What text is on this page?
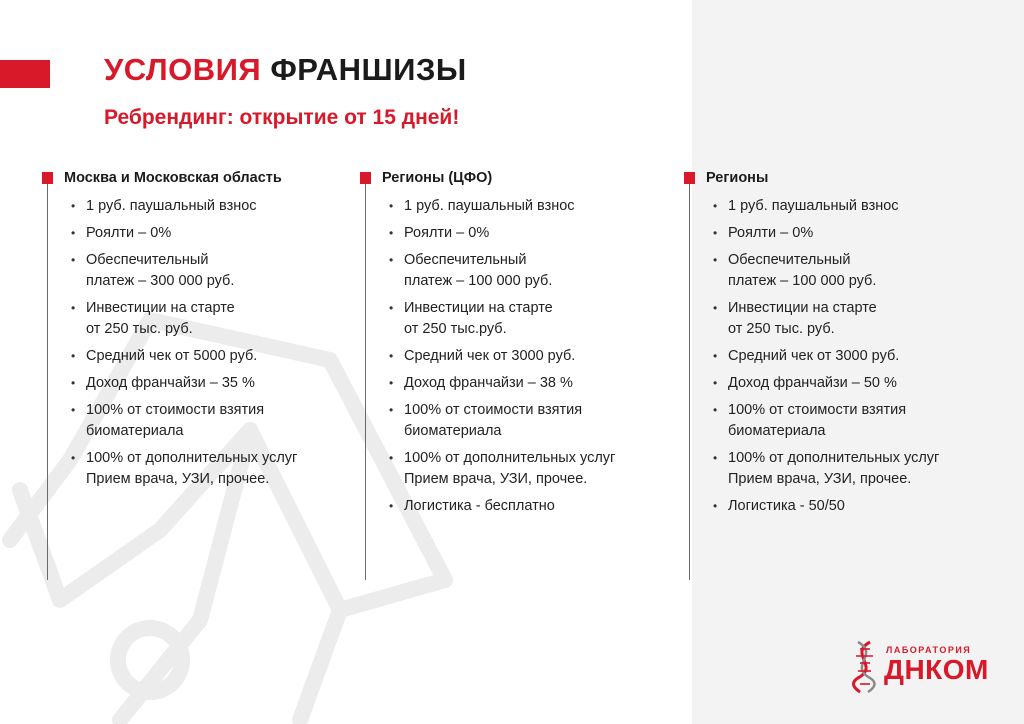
УСЛОВИЯ ФРАНШИЗЫ

Ребрендинг: открытие от 15 дней!

Москва и Московская область
• 1 руб. паушальный взнос
• Роялти – 0%
• Обеспечительный
платеж – 300 000 руб.
• Инвестиции на старте
от 250 тыс. руб.
• Средний чек от 5000 руб.
• Доход франчайзи – 35 %
• 100% от стоимости взятия
биоматериала
• 100% от дополнительных услуг
Прием врача, УЗИ, прочее.
Регионы (ЦФО)
• 1 руб. паушальный взнос
• Роялти – 0%
• Обеспечительный
платеж – 100 000 руб.
• Инвестиции на старте
от 250 тыс.руб.
• Средний чек от 3000 руб.
• Доход франчайзи – 38 %
• 100% от стоимости взятия
биоматериала
• 100% от дополнительных услуг
Прием врача, УЗИ, прочее.
• Логистика - бесплатно
Регионы
• 1 руб. паушальный взнос
• Роялти – 0%
• Обеспечительный
платеж – 100 000 руб.
• Инвестиции на старте
от 250 тыс. руб.
• Средний чек от 3000 руб.
• Доход франчайзи – 50 %
• 100% от стоимости взятия
биоматериала
• 100% от дополнительных услуг
Прием врача, УЗИ, прочее.
• Логистика - 50/50
ЛАБОРАТОРИЯ
ДНКОМ
